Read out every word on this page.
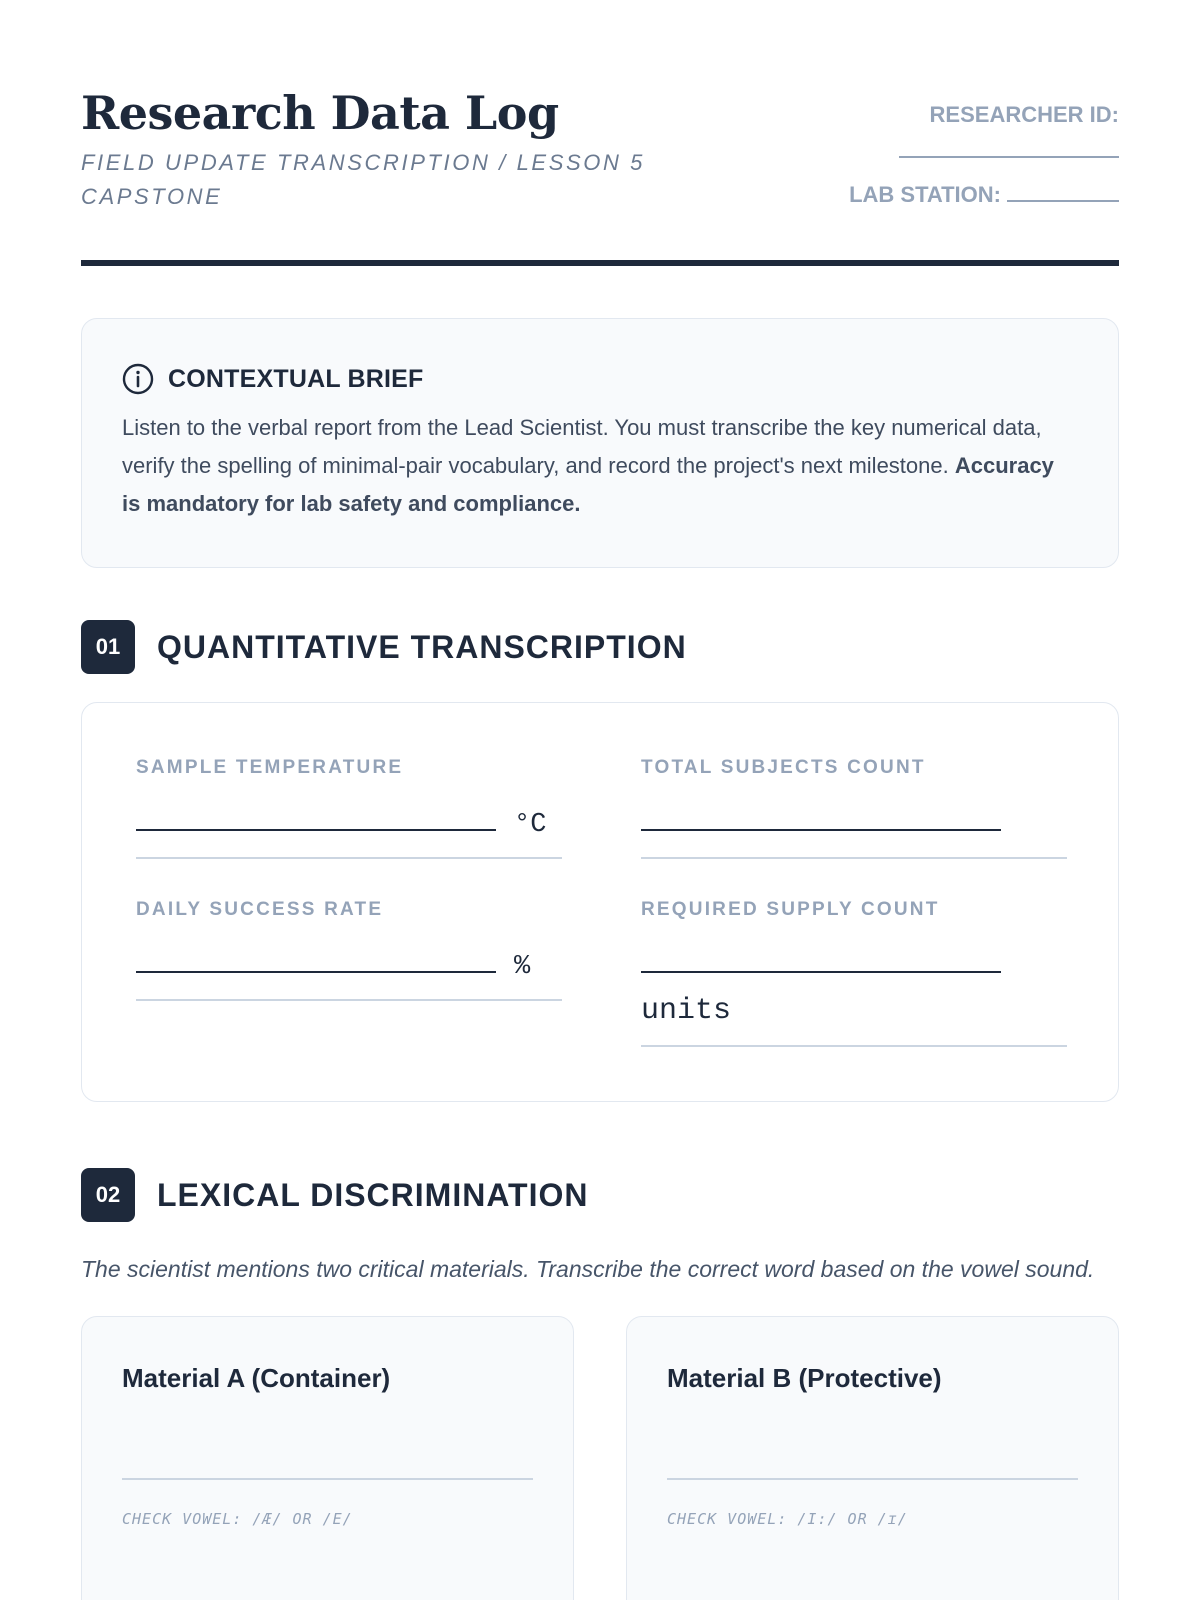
Research Data Log
FIELD UPDATE TRANSCRIPTION / LESSON 5 CAPSTONE
RESEARCHER ID:
LAB STATION:
CONTEXTUAL BRIEF
Listen to the verbal report from the Lead Scientist. You must transcribe the key numerical data, verify the spelling of minimal-pair vocabulary, and record the project's next milestone. Accuracy is mandatory for lab safety and compliance.
01	QUANTITATIVE TRANSCRIPTION
SAMPLE TEMPERATURE
°C
TOTAL SUBJECTS COUNT
DAILY SUCCESS RATE
%
REQUIRED SUPPLY COUNT
units
02	LEXICAL DISCRIMINATION
The scientist mentions two critical materials. Transcribe the correct word based on the vowel sound.
Material A (Container)
CHECK VOWEL: /Æ/ OR /E/
Material B (Protective)
CHECK VOWEL: /I:/ OR /ɪ/
